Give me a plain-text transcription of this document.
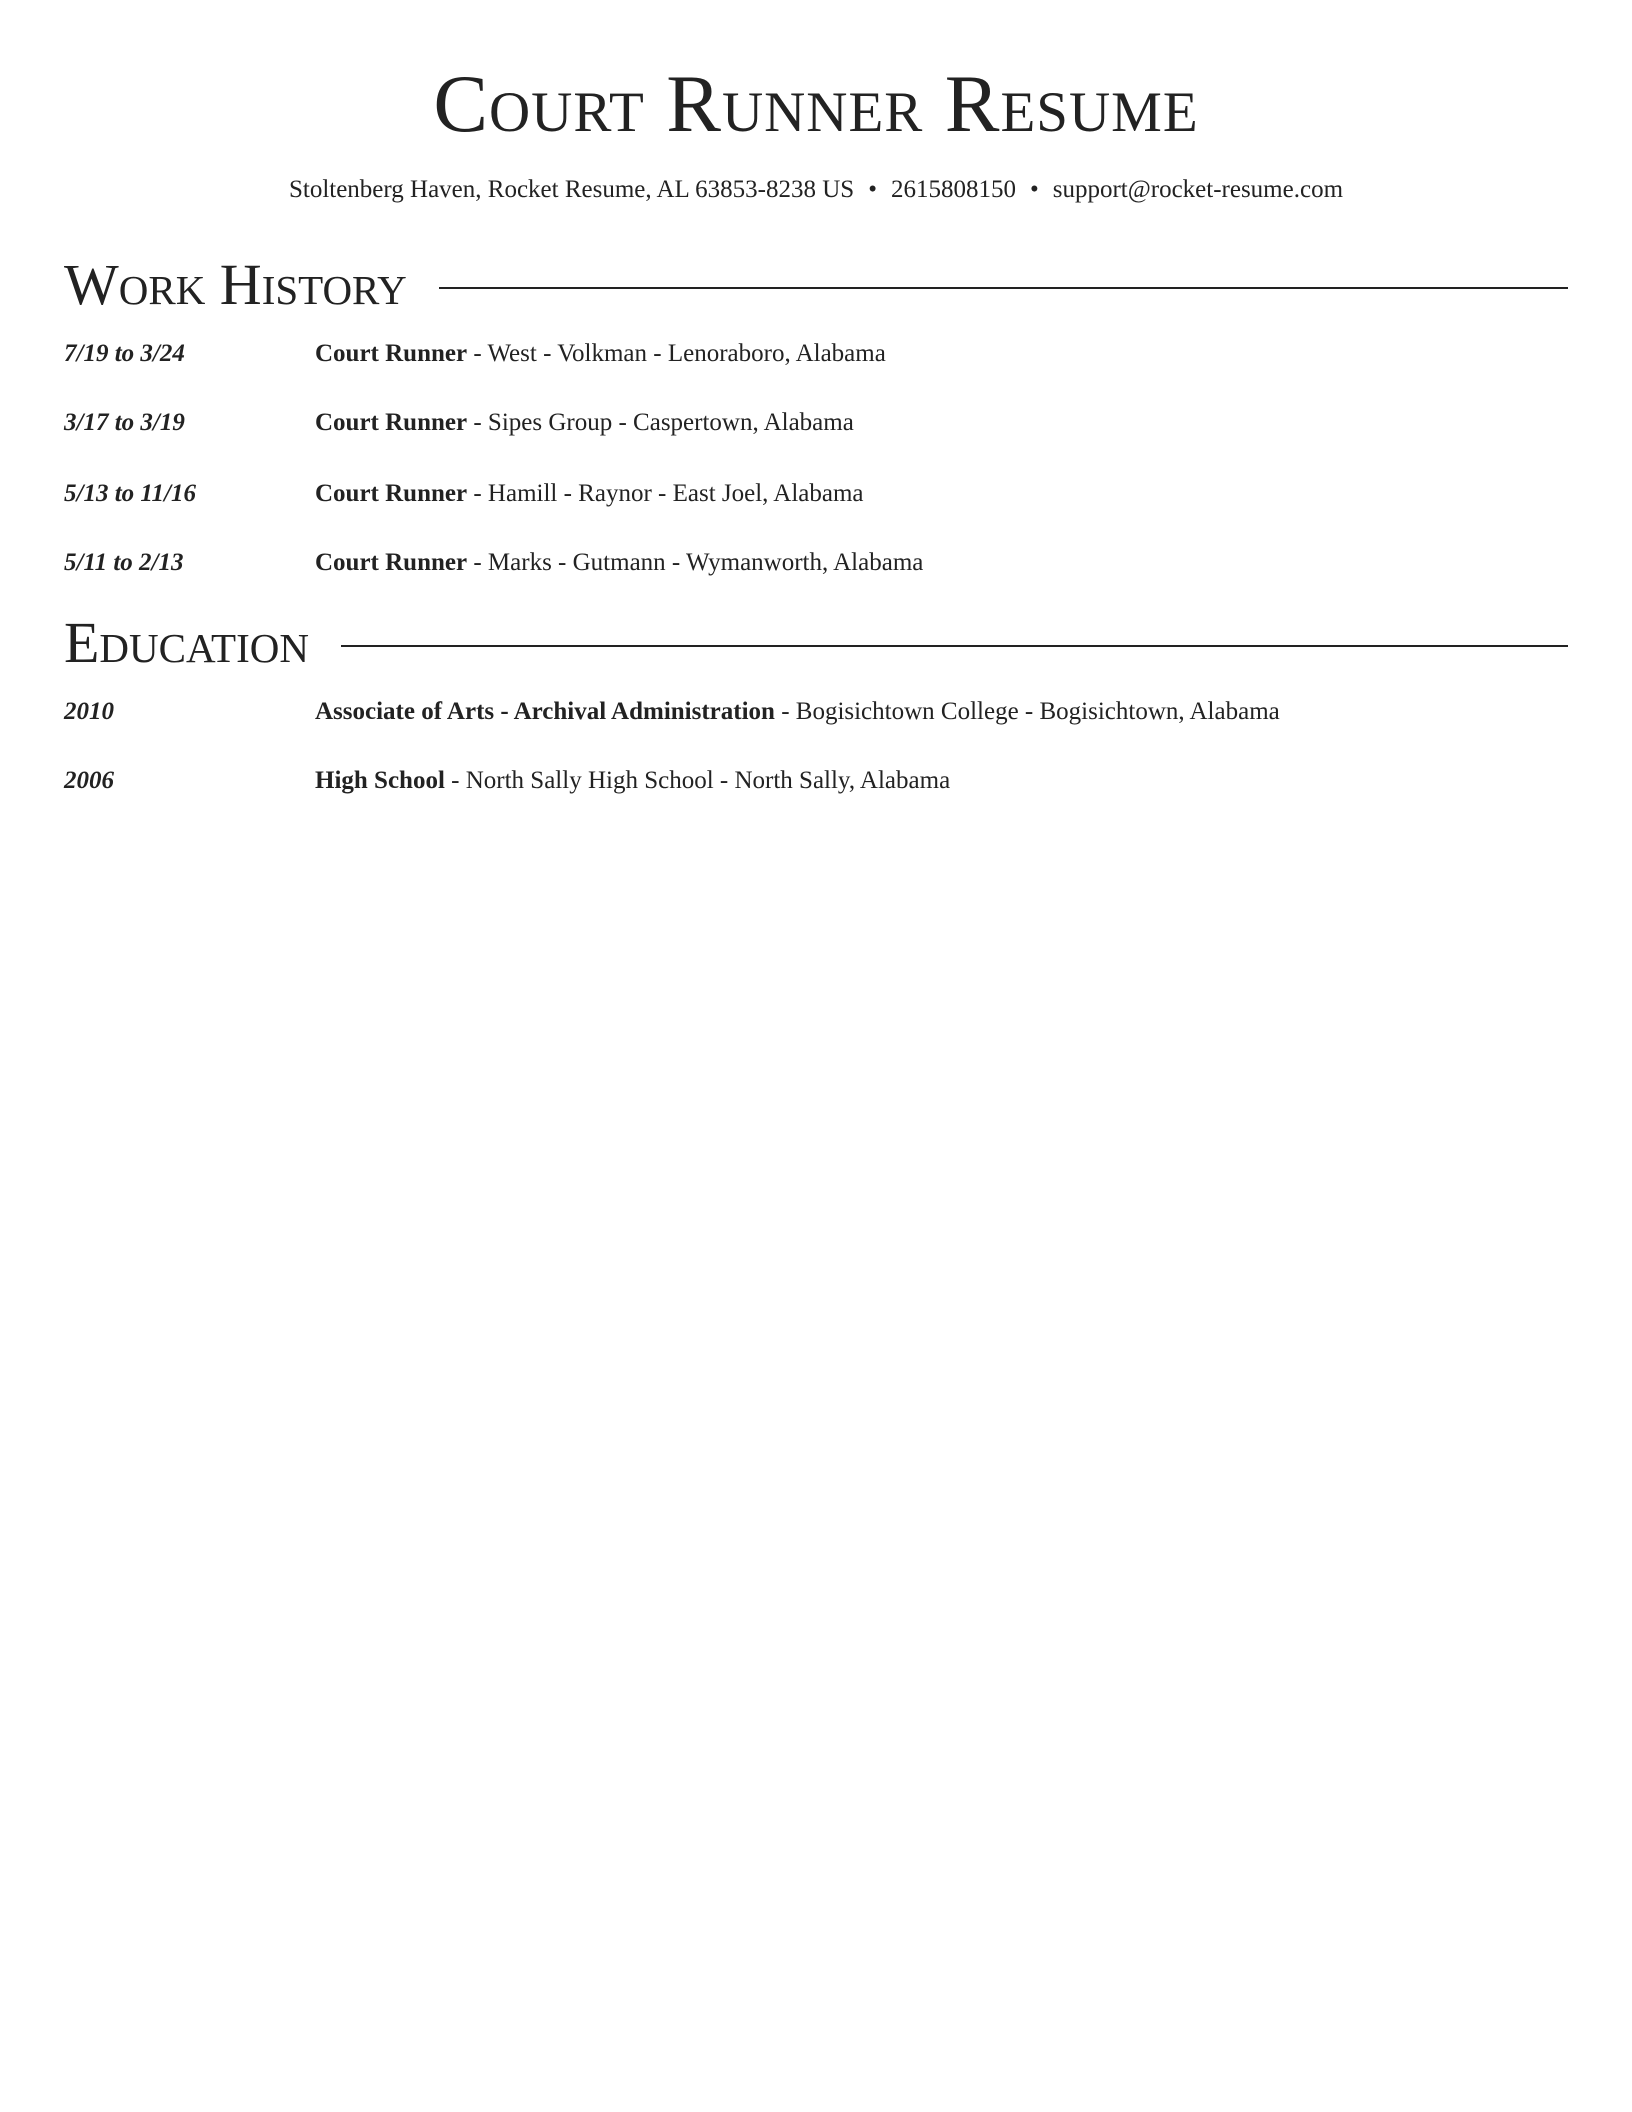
Court Runner Resume
Stoltenberg Haven, Rocket Resume, AL 63853-8238 US • 2615808150 • support@rocket-resume.com
Work History
7/19 to 3/24	Court Runner - West - Volkman - Lenoraboro, Alabama
3/17 to 3/19	Court Runner - Sipes Group - Caspertown, Alabama
5/13 to 11/16	Court Runner - Hamill - Raynor - East Joel, Alabama
5/11 to 2/13	Court Runner - Marks - Gutmann - Wymanworth, Alabama
Education
2010	Associate of Arts - Archival Administration - Bogisichtown College - Bogisichtown, Alabama
2006	High School - North Sally High School - North Sally, Alabama
